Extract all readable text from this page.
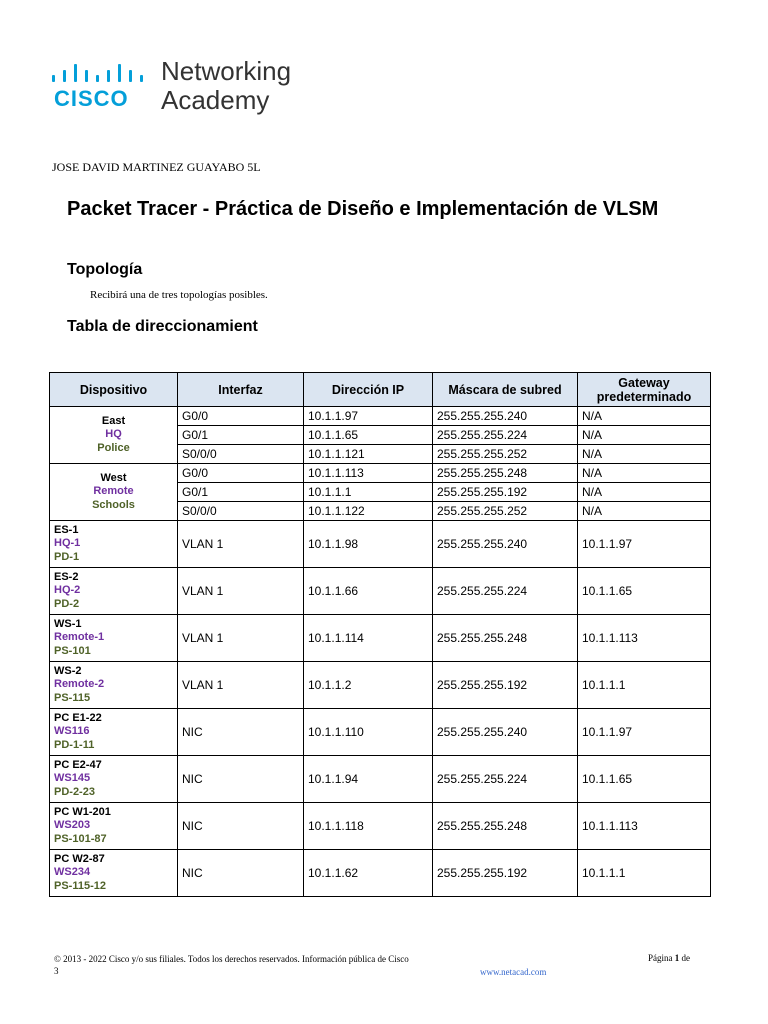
CISCO
Networking
Academy
JOSE DAVID MARTINEZ GUAYABO 5L
Packet Tracer - Práctica de Diseño e Implementación de VLSM
Topología
Recibirá una de tres topologías posibles.
Tabla de direccionamient
Dispositivo	Interfaz	Dirección IP	Máscara de subred	Gateway predeterminado

East
HQ
Police	G0/0	10.1.1.97	255.255.255.240	N/A
	G0/1	10.1.1.65	255.255.255.224	N/A
	S0/0/0	10.1.1.121	255.255.255.252	N/A

West
Remote
Schools	G0/0	10.1.1.113	255.255.255.248	N/A
	G0/1	10.1.1.1	255.255.255.192	N/A
	S0/0/0	10.1.1.122	255.255.255.252	N/A

ES-1
HQ-1
PD-1	VLAN 1	10.1.1.98	255.255.255.240	10.1.1.97

ES-2
HQ-2
PD-2	VLAN 1	10.1.1.66	255.255.255.224	10.1.1.65

WS-1
Remote-1
PS-101	VLAN 1	10.1.1.114	255.255.255.248	10.1.1.113

WS-2
Remote-2
PS-115	VLAN 1	10.1.1.2	255.255.255.192	10.1.1.1

PC E1-22
WS116
PD-1-11	NIC	10.1.1.110	255.255.255.240	10.1.1.97

PC E2-47
WS145
PD-2-23	NIC	10.1.1.94	255.255.255.224	10.1.1.65

PC W1-201
WS203
PS-101-87	NIC	10.1.1.118	255.255.255.248	10.1.1.113

PC W2-87
WS234
PS-115-12	NIC	10.1.1.62	255.255.255.192	10.1.1.1
© 2013 - 2022 Cisco y/o sus filiales. Todos los derechos reservados. Información pública de Cisco
3
Página 1 de
www.netacad.com
